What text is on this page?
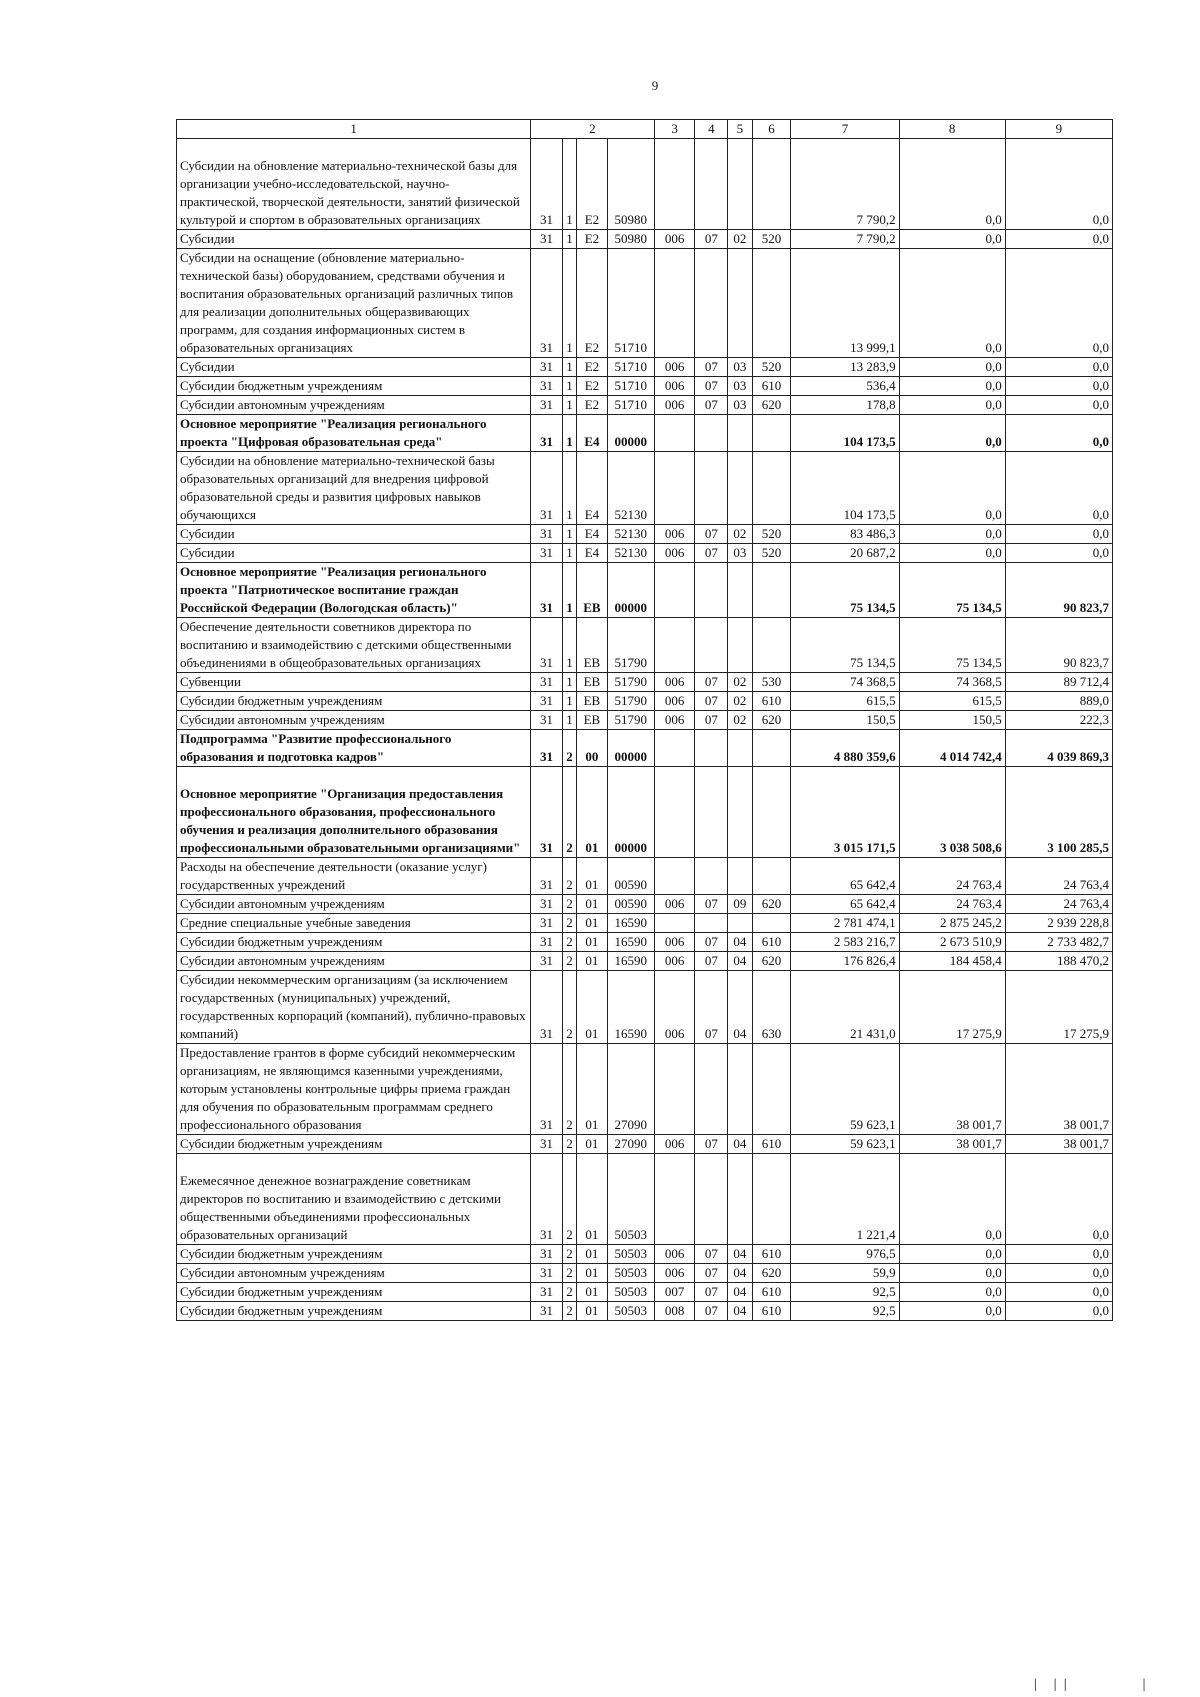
9
1	2				3	4	5	6	7	8	9

Субсидии на обновление материально-технической базы для организации учебно-исследовательской, научно-практической, творческой деятельности, занятий физической культурой и спортом в образовательных организациях	31	1	E2	50980					7 790,2	0,0	0,0
Субсидии	31	1	E2	50980	006	07	02	520	7 790,2	0,0	0,0
Субсидии на оснащение (обновление материально-технической базы) оборудованием, средствами обучения и воспитания образовательных организаций различных типов для реализации дополнительных общеразвивающих программ, для создания информационных систем в образовательных организациях	31	1	E2	51710					13 999,1	0,0	0,0
Субсидии	31	1	E2	51710	006	07	03	520	13 283,9	0,0	0,0
Субсидии бюджетным учреждениям	31	1	E2	51710	006	07	03	610	536,4	0,0	0,0
Субсидии автономным учреждениям	31	1	E2	51710	006	07	03	620	178,8	0,0	0,0
Основное мероприятие "Реализация регионального проекта "Цифровая образовательная среда"	31	1	E4	00000					104 173,5	0,0	0,0
Субсидии на обновление материально-технической базы образовательных организаций для внедрения цифровой образовательной среды и развития цифровых навыков обучающихся	31	1	E4	52130					104 173,5	0,0	0,0
Субсидии	31	1	E4	52130	006	07	02	520	83 486,3	0,0	0,0
Субсидии	31	1	E4	52130	006	07	03	520	20 687,2	0,0	0,0
Основное мероприятие "Реализация регионального проекта "Патриотическое воспитание граждан Российской Федерации (Вологодская область)"	31	1	EB	00000					75 134,5	75 134,5	90 823,7
Обеспечение деятельности советников директора по воспитанию и взаимодействию с детскими общественными объединениями в общеобразовательных организациях	31	1	EB	51790					75 134,5	75 134,5	90 823,7
Субвенции	31	1	EB	51790	006	07	02	530	74 368,5	74 368,5	89 712,4
Субсидии бюджетным учреждениям	31	1	EB	51790	006	07	02	610	615,5	615,5	889,0
Субсидии автономным учреждениям	31	1	EB	51790	006	07	02	620	150,5	150,5	222,3
Подпрограмма "Развитие профессионального образования и подготовка кадров"	31	2	00	00000					4 880 359,6	4 014 742,4	4 039 869,3

Основное мероприятие "Организация предоставления профессионального образования, профессионального обучения и реализация дополнительного образования профессиональными образовательными организациями"	31	2	01	00000					3 015 171,5	3 038 508,6	3 100 285,5
Расходы на обеспечение деятельности (оказание услуг) государственных учреждений	31	2	01	00590					65 642,4	24 763,4	24 763,4
Субсидии автономным учреждениям	31	2	01	00590	006	07	09	620	65 642,4	24 763,4	24 763,4
Средние специальные учебные заведения	31	2	01	16590					2 781 474,1	2 875 245,2	2 939 228,8
Субсидии бюджетным учреждениям	31	2	01	16590	006	07	04	610	2 583 216,7	2 673 510,9	2 733 482,7
Субсидии автономным учреждениям	31	2	01	16590	006	07	04	620	176 826,4	184 458,4	188 470,2
Субсидии некоммерческим организациям (за исключением государственных (муниципальных) учреждений, государственных корпораций (компаний), публично-правовых компаний)	31	2	01	16590	006	07	04	630	21 431,0	17 275,9	17 275,9
Предоставление грантов в форме субсидий некоммерческим организациям, не являющимся казенными учреждениями, которым установлены контрольные цифры приема граждан для обучения по образовательным программам среднего профессионального образования	31	2	01	27090					59 623,1	38 001,7	38 001,7
Субсидии бюджетным учреждениям	31	2	01	27090	006	07	04	610	59 623,1	38 001,7	38 001,7

Ежемесячное денежное вознаграждение советникам директоров по воспитанию и взаимодействию с детскими общественными объединениями профессиональных образовательных организаций	31	2	01	50503					1 221,4	0,0	0,0
Субсидии бюджетным учреждениям	31	2	01	50503	006	07	04	610	976,5	0,0	0,0
Субсидии автономным учреждениям	31	2	01	50503	006	07	04	620	59,9	0,0	0,0
Субсидии бюджетным учреждениям	31	2	01	50503	007	07	04	610	92,5	0,0	0,0
Субсидии бюджетным учреждениям	31	2	01	50503	008	07	04	610	92,5	0,0	0,0
| ||       |
